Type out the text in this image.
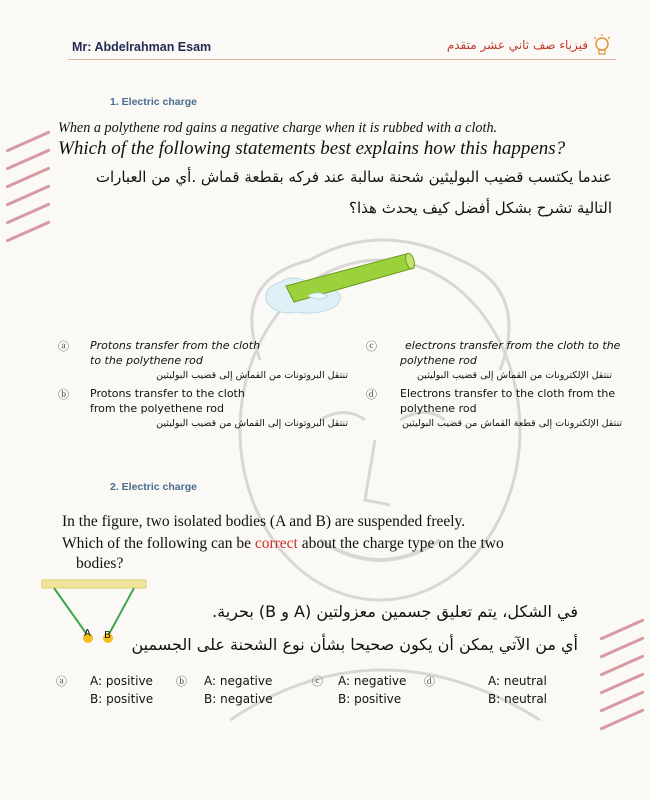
Mr: Abdelrahman Esam	فيزياء صف ثاني عشر متقدم
1. Electric charge
When a polythene rod gains a negative charge when it is rubbed with a cloth.
Which of the following statements best explains how this happens?
عندما يكتسب قضيب البوليثين شحنة سالبة عند فركه بقطعة قماش .أي من العبارات
التالية تشرح بشكل أفضل كيف يحدث هذا؟
ⓐ Protons transfer from the cloth
to the polythene rod
تنتقل البروتونات من القماش إلى قضيب البوليثين
ⓑ Protons transfer to the cloth
from the polyethene rod
تنتقل البروتونات إلى القماش من قضيب البوليثين
ⓒ	electrons transfer from the cloth to the
polythene rod
تنتقل الإلكترونات من القماش إلى قضيب البوليثين
ⓓ Electrons transfer to the cloth from the
polythene rod
تنتقل الإلكترونات إلى قطعة القماش من قضيب البوليثين
2. Electric charge
In the figure, two isolated bodies (A and B) are suspended freely.
Which of the following can be correct about the charge type on the two
bodies?
A B
في الشكل، يتم تعليق جسمين معزولتين (A و B) بحرية.
أي من الآتي يمكن أن يكون صحيحا بشأن نوع الشحنة على الجسمين
ⓐ A: positive
B: positive
ⓑ A: negative
B: negative
ⓒ A: negative
B: positive
ⓓ	A: neutral
B: neutral
